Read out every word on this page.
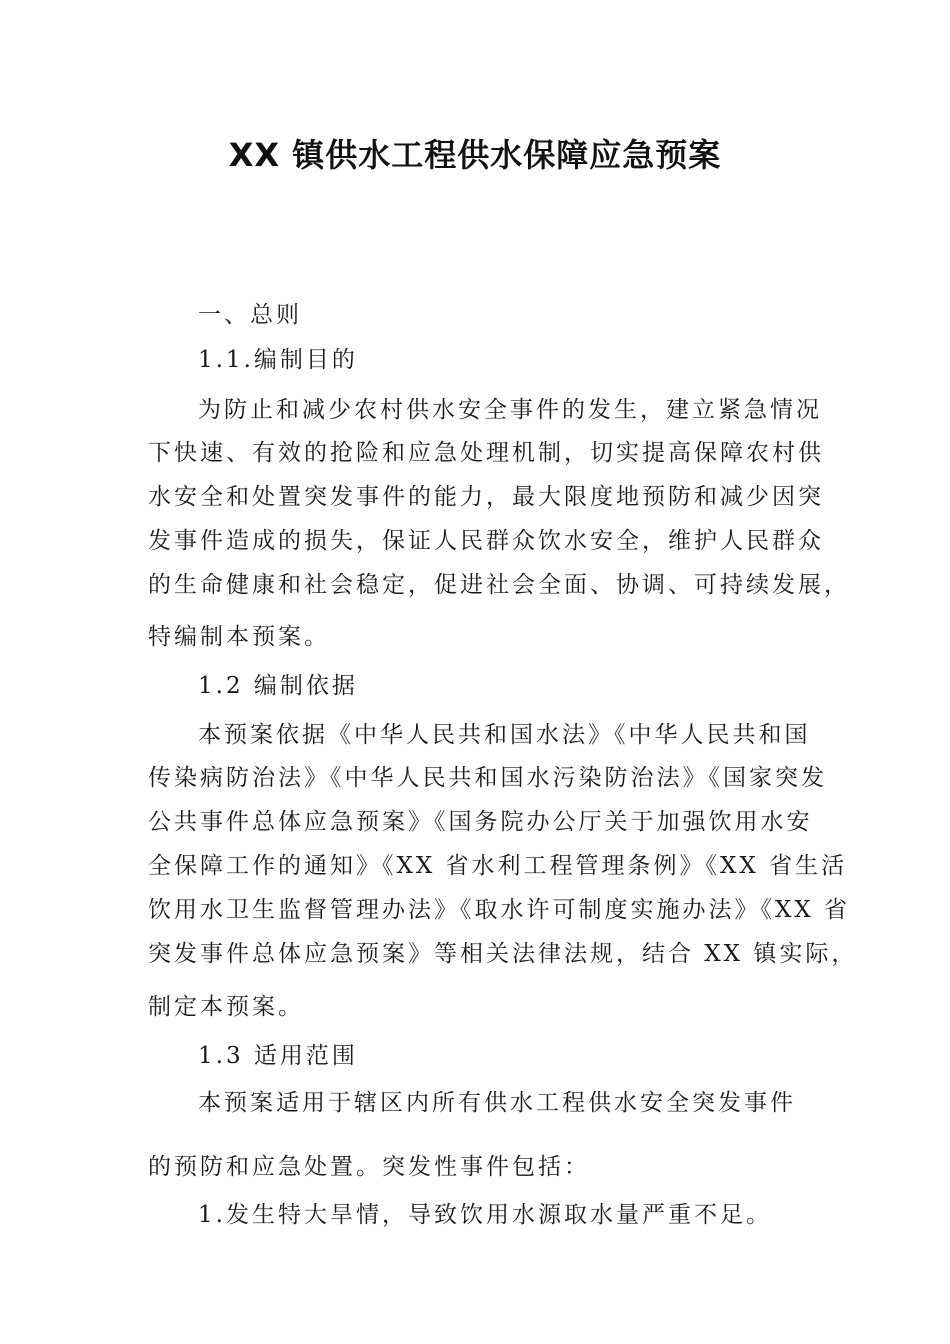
XX 镇供水工程供水保障应急预案
一、总则
1.1.编制目的
为防止和减少农村供水安全事件的发生，建立紧急情况
下快速、有效的抢险和应急处理机制，切实提高保障农村供
水安全和处置突发事件的能力，最大限度地预防和减少因突
发事件造成的损失，保证人民群众饮水安全，维护人民群众
的生命健康和社会稳定，促进社会全面、协调、可持续发展，
特编制本预案。
1.2 编制依据
本预案依据《中华人民共和国水法》《中华人民共和国
传染病防治法》《中华人民共和国水污染防治法》《国家突发
公共事件总体应急预案》《国务院办公厅关于加强饮用水安
全保障工作的通知》《XX 省水利工程管理条例》《XX 省生活
饮用水卫生监督管理办法》《取水许可制度实施办法》《XX 省
突发事件总体应急预案》等相关法律法规，结合 XX 镇实际，
制定本预案。
1.3 适用范围
本预案适用于辖区内所有供水工程供水安全突发事件
的预防和应急处置。突发性事件包括：
1.发生特大旱情，导致饮用水源取水量严重不足。
